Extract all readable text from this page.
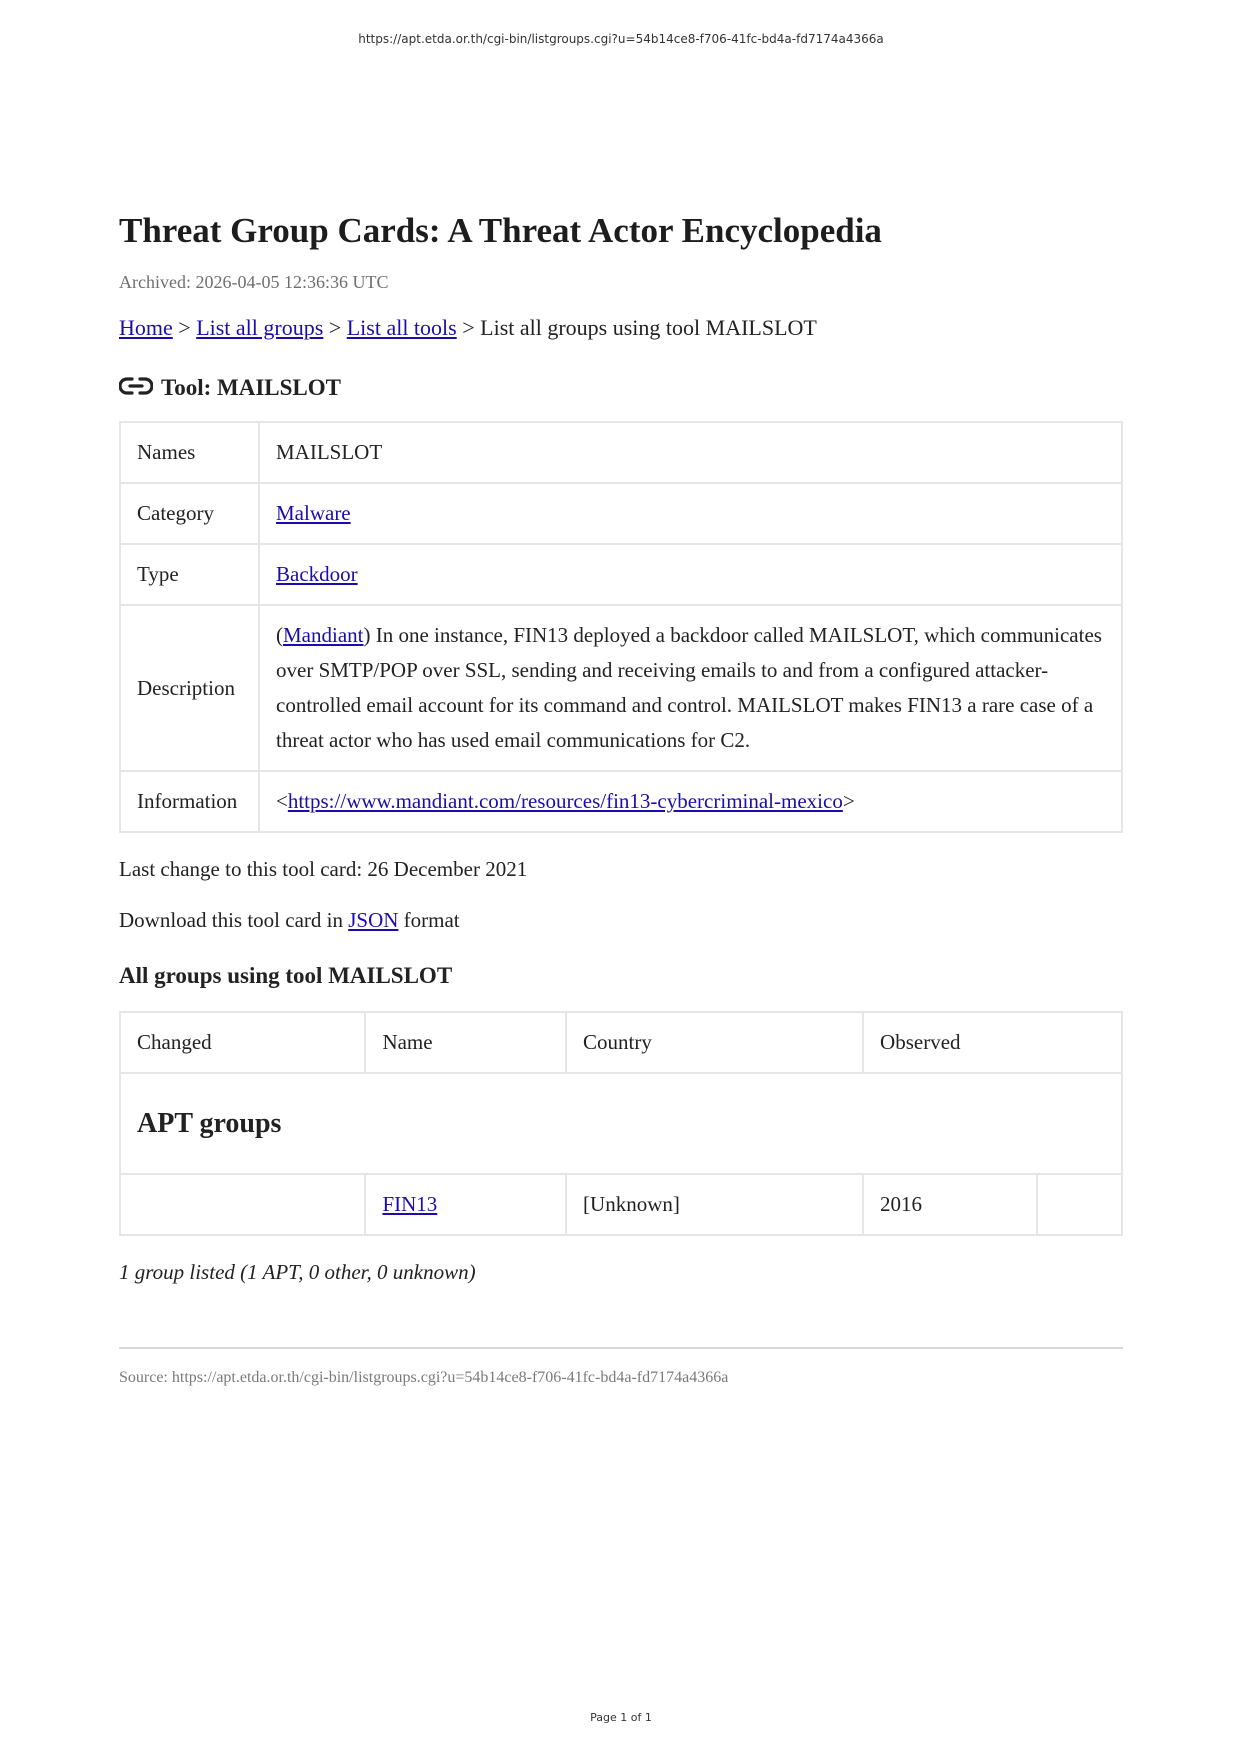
https://apt.etda.or.th/cgi-bin/listgroups.cgi?u=54b14ce8-f706-41fc-bd4a-fd7174a4366a
Threat Group Cards: A Threat Actor Encyclopedia
Archived: 2026-04-05 12:36:36 UTC
Home > List all groups > List all tools > List all groups using tool MAILSLOT
Tool: MAILSLOT
Names	MAILSLOT
Category	Malware
Type	Backdoor
Description	(Mandiant) In one instance, FIN13 deployed a backdoor called MAILSLOT, which communicates over SMTP/POP over SSL, sending and receiving emails to and from a configured attacker-controlled email account for its command and control. MAILSLOT makes FIN13 a rare case of a threat actor who has used email communications for C2.
Information	<https://www.mandiant.com/resources/fin13-cybercriminal-mexico>
Last change to this tool card: 26 December 2021
Download this tool card in JSON format
All groups using tool MAILSLOT
Changed	Name	Country	Observed	
APT groups				
	FIN13	[Unknown]	2016	
1 group listed (1 APT, 0 other, 0 unknown)
Source: https://apt.etda.or.th/cgi-bin/listgroups.cgi?u=54b14ce8-f706-41fc-bd4a-fd7174a4366a
Page 1 of 1
